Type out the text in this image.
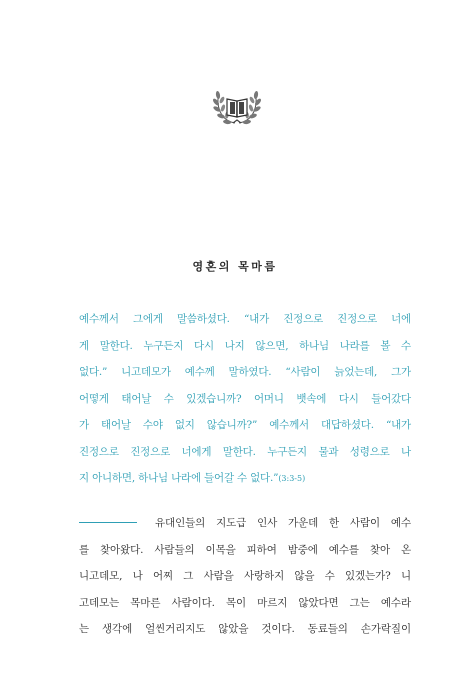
영혼의 목마름
예수께서 그에게 말씀하셨다. “내가 진정으로 진정으로 너에
게 말한다. 누구든지 다시 나지 않으면, 하나님 나라를 볼 수
없다.” 니고데모가 예수께 말하였다. “사람이 늙었는데, 그가
어떻게 태어날 수 있겠습니까? 어머니 뱃속에 다시 들어갔다
가 태어날 수야 없지 않습니까?” 예수께서 대답하셨다. “내가
진정으로 진정으로 너에게 말한다. 누구든지 물과 성령으로 나
지 아니하면, 하나님 나라에 들어갈 수 없다.”(3:3-5)
유대인들의 지도급 인사 가운데 한 사람이 예수
를 찾아왔다. 사람들의 이목을 피하여 밤중에 예수를 찾아 온
니고데모, 나 어찌 그 사람을 사랑하지 않을 수 있겠는가? 니
고데모는 목마른 사람이다. 목이 마르지 않았다면 그는 예수라
는 생각에 얼씬거리지도 않았을 것이다. 동료들의 손가락질이
